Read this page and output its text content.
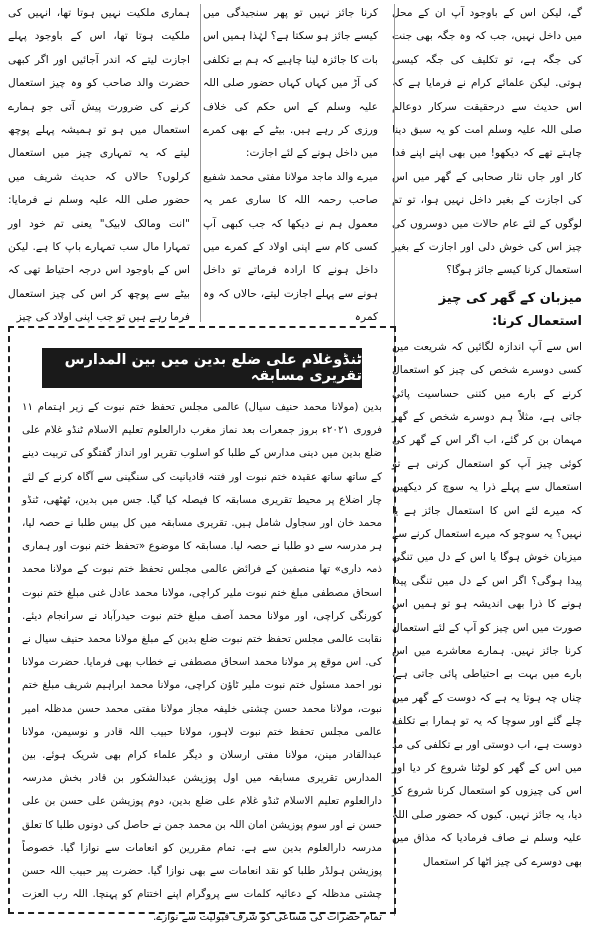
گے، لیکن اس کے باوجود آپ ان کے محل میں داخل نہیں، جب کہ وہ جگہ بھی جنت کی جگہ ہے، تو تکلیف کی جگہ کیسی ہوتی. لیکن علمائے کرام نے فرمایا ہے کہ اس حدیث سے درحقیقت سرکار دوعالم صلی اللہ علیہ وسلم امت کو یہ سبق دینا چاہتے تھے کہ دیکھو! میں بھی اپنے اپنے فدا کار اور جاں نثار صحابی کے گھر میں اس کی اجازت کے بغیر داخل نہیں ہوا، تو تم لوگوں کے لئے عام حالات میں دوسروں کی چیز اس کی خوش دلی اور اجازت کے بغیر استعمال کرنا کیسے جائز ہوگا؟

میزبان کے گھر کی چیز استعمال کرنا:

اس سے آپ اندازہ لگائیں کہ شریعت میں کسی دوسرے شخص کی چیز کو استعمال کرنے کے بارے میں کتنی حساسیت پائی جاتی ہے، مثلاً ہم دوسرے شخص کے گھر مہمان بن کر گئے، اب اگر اس کے گھر کی کوئی چیز آپ کو استعمال کرنی ہے تو استعمال سے پہلے ذرا یہ سوچ کر دیکھیں کہ میرے لئے اس کا استعمال جائز ہے یا نہیں؟ یہ سوچو کہ میرے استعمال کرنے سے میزبان خوش ہوگا یا اس کے دل میں تنگی پیدا ہوگی؟ اگر اس کے دل میں تنگی پیدا ہونے کا ذرا بھی اندیشہ ہو تو ہمیں اس صورت میں اس چیز کو آپ کے لئے استعمال کرنا جائز نہیں. ہمارے معاشرے میں اس بارے میں بہت بے احتیاطی پائی جاتی ہے، چناں چہ ہوتا یہ ہے کہ دوست کے گھر میں چلے گئے اور سوچا کہ یہ تو ہمارا بے تکلف دوست ہے، اب دوستی اور بے تکلفی کی مد میں اس کے گھر کو لوٹنا شروع کر دیا اور اس کی چیزوں کو استعمال کرنا شروع کر دیا، یہ جائز نہیں. کیوں کہ حضور صلی اللہ علیہ وسلم نے صاف فرمادیا کہ مذاق میں بھی دوسرے کی چیز اٹھا کر استعمال

کرنا جائز نہیں تو پھر سنجیدگی میں کیسے جائز ہو سکتا ہے؟ لہٰذا ہمیں اس بات کا جائزہ لینا چاہیے کہ ہم بے تکلفی کی آڑ میں کہاں کہاں حضور صلی اللہ علیہ وسلم کے اس حکم کی خلاف ورزی کر رہے ہیں. بیٹے کے بھی کمرے میں داخل ہونے کے لئے اجازت:

میرے والد ماجد مولانا مفتی محمد شفیع صاحب رحمہ اللہ کا ساری عمر یہ معمول ہم نے دیکھا کہ جب کبھی آپ کسی کام سے اپنی اولاد کے کمرے میں داخل ہونے کا ارادہ فرماتے تو داخل ہونے سے پہلے اجازت لیتے، حالاں کہ وہ کمرہ

ہماری ملکیت نہیں ہوتا تھا، انہیں کی ملکیت ہوتا تھا، اس کے باوجود پہلے اجازت لیتے کہ اندر آجائیں اور اگر کبھی حضرت والد صاحب کو وہ چیز استعمال کرنے کی ضرورت پیش آتی جو ہمارے استعمال میں ہو تو ہمیشہ پہلے پوچھ لیتے کہ یہ تمہاری چیز میں استعمال کرلوں؟ حالاں کہ حدیث شریف میں حضور صلی اللہ علیہ وسلم نے فرمایا: "انت ومالک لابیک" یعنی تم خود اور تمہارا مال سب تمہارے باپ کا ہے. لیکن اس کے باوجود اس درجہ احتیاط تھی کہ بیٹے سے پوچھ کر اس کی چیز استعمال فرما رہے ہیں تو جب اپنی اولاد کی چیز

ٹنڈوغلام علی ضلع بدین میں بین المدارس تقریری مسابقہ
بدین (مولانا محمد حنیف سیال) عالمی مجلس تحفظ ختم نبوت کے زیر اہتمام ۱۱ فروری ۲۰۲۱ء بروز جمعرات بعد نماز مغرب دارالعلوم تعلیم الاسلام ٹنڈو غلام علی ضلع بدین میں دینی مدارس کے طلبا کو اسلوب تقریر اور انداز گفتگو کی تربیت دینے کے ساتھ ساتھ عقیدہ ختم نبوت اور فتنہ قادیانیت کی سنگینی سے آگاہ کرنے کے لئے چار اضلاع پر محیط تقریری مسابقہ کا فیصلہ کیا گیا. جس میں بدین، ٹھٹھی، ٹنڈو محمد خان اور سجاول شامل ہیں. تقریری مسابقہ میں کل بیس طلبا نے حصہ لیا، ہر مدرسہ سے دو طلبا نے حصہ لیا. مسابقہ کا موضوع «تحفظ ختم نبوت اور ہماری ذمہ داری» تھا منصفین کے فرائض عالمی مجلس تحفظ ختم نبوت کے مولانا محمد اسحاق مصطفی مبلغ ختم نبوت ملیر کراچی، مولانا محمد عادل غنی مبلغ ختم نبوت کورنگی کراچی، اور مولانا محمد آصف مبلغ ختم نبوت حیدرآباد نے سرانجام دیئے. نقابت عالمی مجلس تحفظ ختم نبوت ضلع بدین کے مبلغ مولانا محمد حنیف سیال نے کی. اس موقع پر مولانا محمد اسحاق مصطفی نے خطاب بھی فرمایا. حضرت مولانا نور احمد مسئول ختم نبوت ملیر ٹاؤن کراچی، مولانا محمد ابراہیم شریف مبلغ ختم نبوت، مولانا محمد حسن چشتی خلیفہ مجاز مولانا مفتی محمد حسن مدظلہ امیر عالمی مجلس تحفظ ختم نبوت لاہور، مولانا حبیب اللہ قادر و نوسیمن، مولانا عبدالقادر مینن، مولانا مفتی ارسلان و دیگر علماء کرام بھی شریک ہوئے. بین المدارس تقریری مسابقہ میں اول پوزیشن عبدالشکور بن قادر بخش مدرسہ دارالعلوم تعلیم الاسلام ٹنڈو غلام علی ضلع بدین، دوم پوزیشن علی حسن بن علی حسن نے اور سوم پوزیشن امان اللہ بن محمد جمن نے حاصل کی دونوں طلبا کا تعلق مدرسہ دارالعلوم بدین سے ہے. تمام مقررین کو انعامات سے نوازا گیا. خصوصاً پوزیشن ہولڈر طلبا کو نقد انعامات سے بھی نوازا گیا. حضرت پیر حبیب اللہ حسن چشتی مدظلہ کے دعائیہ کلمات سے پروگرام اپنے اختتام کو پہنچا. اللہ رب العزت تمام حضرات کی مساعی کو شرف قبولیت سے نوازے.
